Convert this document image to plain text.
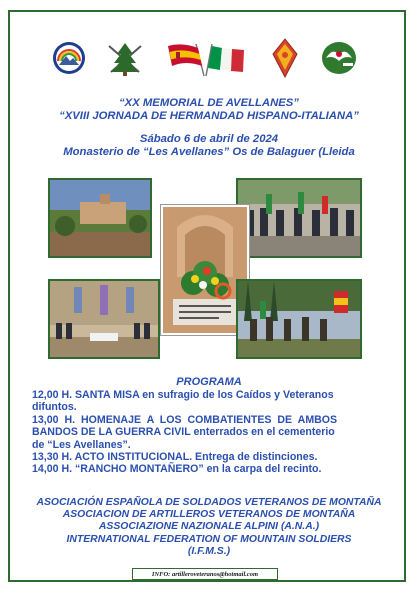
“XX MEMORIAL DE AVELLANES”
“XVIII JORNADA DE HERMANDAD HISPANO-ITALIANA”
Sábado 6 de abril de 2024
Monasterio de “Les Avellanes” Os de Balaguer (Lleida
PROGRAMA
12,00 H. SANTA MISA en sufragio de los Caídos y Veteranos
difuntos.
13,00 H. HOMENAJE A LOS COMBATIENTES DE AMBOS
BANDOS DE LA GUERRA CIVIL enterrados en el cementerio
de “Les Avellanes”.
13,30 H. ACTO INSTITUCIONAL. Entrega de distinciones.
14,00 H. “RANCHO MONTAÑERO” en la carpa del recinto.
ASOCIACIÓN ESPAÑOLA DE SOLDADOS VETERANOS DE MONTAÑA
ASOCIACION DE ARTILLEROS VETERANOS DE MONTAÑA
ASSOCIAZIONE NAZIONALE ALPINI (A.N.A.)
INTERNATIONAL FEDERATION OF MOUNTAIN SOLDIERS
(I.F.M.S.)
INFO: artilleroveteranos@hotmail.com
